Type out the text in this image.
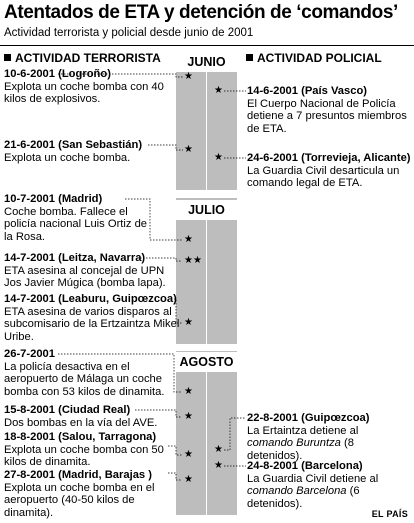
Atentados de ETA y detención de ‘comandos’
Actividad terrorista y policial desde junio de 2001
ACTIVIDAD TERRORISTA	ACTIVIDAD POLICIAL
JUNIO
JULIO
AGOSTO
★
★
★
★ ★
★
★
★
★
★
★
★
★
★
10-6-2001 (Logroño)
Explota un coche bomba con 40 kilos de explosivos.
21-6-2001 (San Sebastián)
Explota un coche bomba.
10-7-2001 (Madrid)
Coche bomba. Fallece el policía nacional Luis Ortiz de la Rosa.
14-7-2001 (Leitza, Navarra)
ETA asesina al concejal de UPN Jos Javier Múgica (bomba lapa).
14-7-2001 (Leaburu, Guipœzcoa)
ETA asesina de varios disparos al subcomisario de la Ertzaintza Mikel Uribe.
26-7-2001
La policía desactiva en el aeropuerto de Málaga un coche bomba con 53 kilos de dinamita.
15-8-2001 (Ciudad Real)
Dos bombas en la vía del AVE.
18-8-2001 (Salou, Tarragona)
Explota un coche bomba con 50 kilos de dinamita.
27-8-2001 (Madrid, Barajas )
Explota un coche bomba en el aeropuerto (40-50 kilos de dinamita).
14-6-2001 (País Vasco)
El Cuerpo Nacional de Policía detiene a 7 presuntos miembros de ETA.
24-6-2001 (Torrevieja, Alicante)
La Guardia Civil desarticula un comando legal de ETA.
22-8-2001 (Guipœzcoa)
La Ertaintza detiene al comando Buruntza (8 detenidos).
24-8-2001 (Barcelona)
La Guardia Civil detiene al comando Barcelona (6 detenidos).
EL PAÍS
